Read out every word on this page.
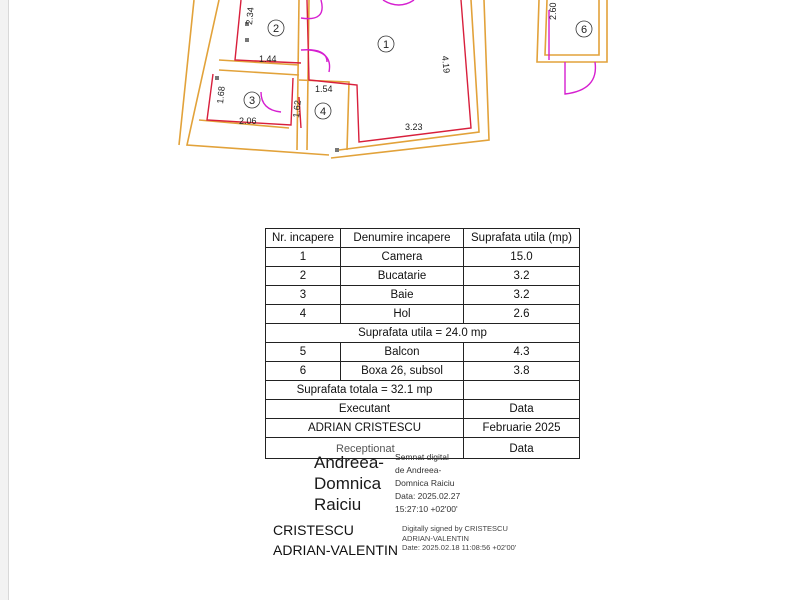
2.34
1.44
1.68
2.06
1.62
1.54
3.23
4.19
2.60
2
1
3
4
6
Nr. incapere	Denumire incapere	Suprafata utila (mp)
1	Camera	15.0
2	Bucatarie	3.2
3	Baie	3.2
4	Hol	2.6
Suprafata utila = 24.0 mp		
5	Balcon	4.3
6	Boxa 26, subsol	3.8
Suprafata totala = 32.1 mp		
Executant		Data
ADRIAN CRISTESCU		Februarie 2025

Receptionat		Data
Andreea-
Domnica
Raiciu
Semnat digital
de Andreea-
Domnica Raiciu
Data: 2025.02.27
15:27:10 +02'00'
CRISTESCU
ADRIAN-VALENTIN
Digitally signed by CRISTESCU
ADRIAN-VALENTIN
Date: 2025.02.18 11:08:56 +02'00'
